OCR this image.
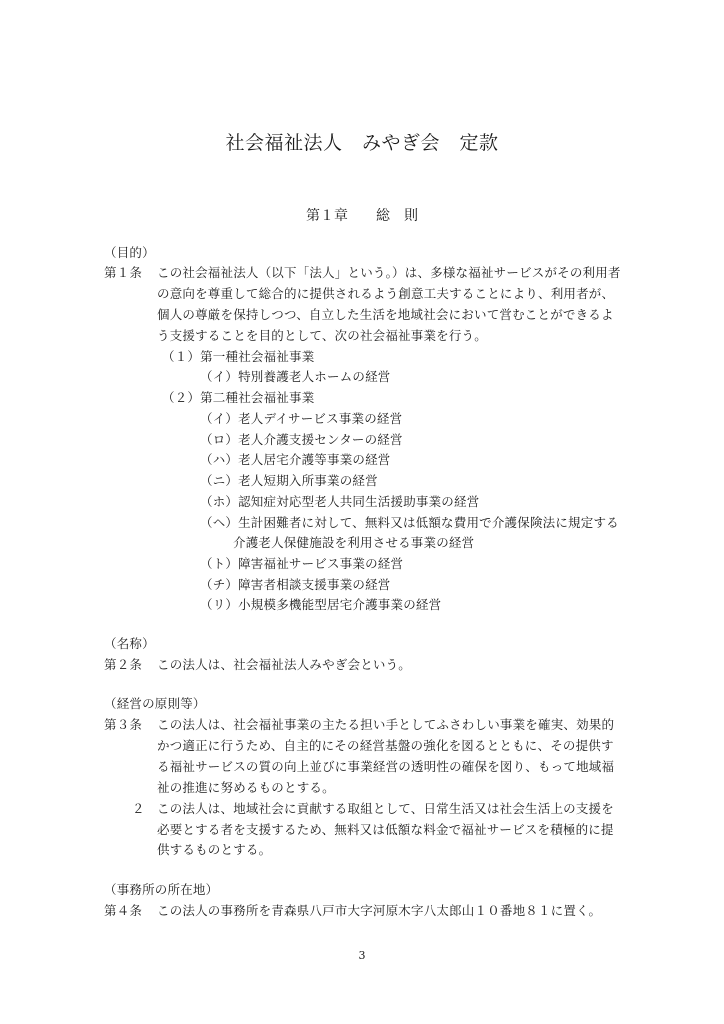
社会福祉法人　みやぎ会　定款
第１章　　総　則
（目的）
第１条 この社会福祉法人（以下「法人」という。）は、多様な福祉サービスがその利用者
の意向を尊重して総合的に提供されるよう創意工夫することにより、利用者が、
個人の尊厳を保持しつつ、自立した生活を地域社会において営むことができるよ
う支援することを目的として、次の社会福祉事業を行う。
（１）第一種社会福祉事業
（イ）特別養護老人ホームの経営
（２）第二種社会福祉事業
（イ）老人デイサービス事業の経営
（ロ）老人介護支援センターの経営
（ハ）老人居宅介護等事業の経営
（ニ）老人短期入所事業の経営
（ホ）認知症対応型老人共同生活援助事業の経営
（ヘ）生計困難者に対して、無料又は低額な費用で介護保険法に規定する
介護老人保健施設を利用させる事業の経営
（ト）障害福祉サービス事業の経営
（チ）障害者相談支援事業の経営
（リ）小規模多機能型居宅介護事業の経営
（名称）
第２条 この法人は、社会福祉法人みやぎ会という。
（経営の原則等）
第３条 この法人は、社会福祉事業の主たる担い手としてふさわしい事業を確実、効果的
かつ適正に行うため、自主的にその経営基盤の強化を図るとともに、その提供す
る福祉サービスの質の向上並びに事業経営の透明性の確保を図り、もって地域福
祉の推進に努めるものとする。
２ この法人は、地域社会に貢献する取組として、日常生活又は社会生活上の支援を
必要とする者を支援するため、無料又は低額な料金で福祉サービスを積極的に提
供するものとする。
（事務所の所在地）
第４条 この法人の事務所を青森県八戸市大字河原木字八太郎山１０番地８１に置く。
3
